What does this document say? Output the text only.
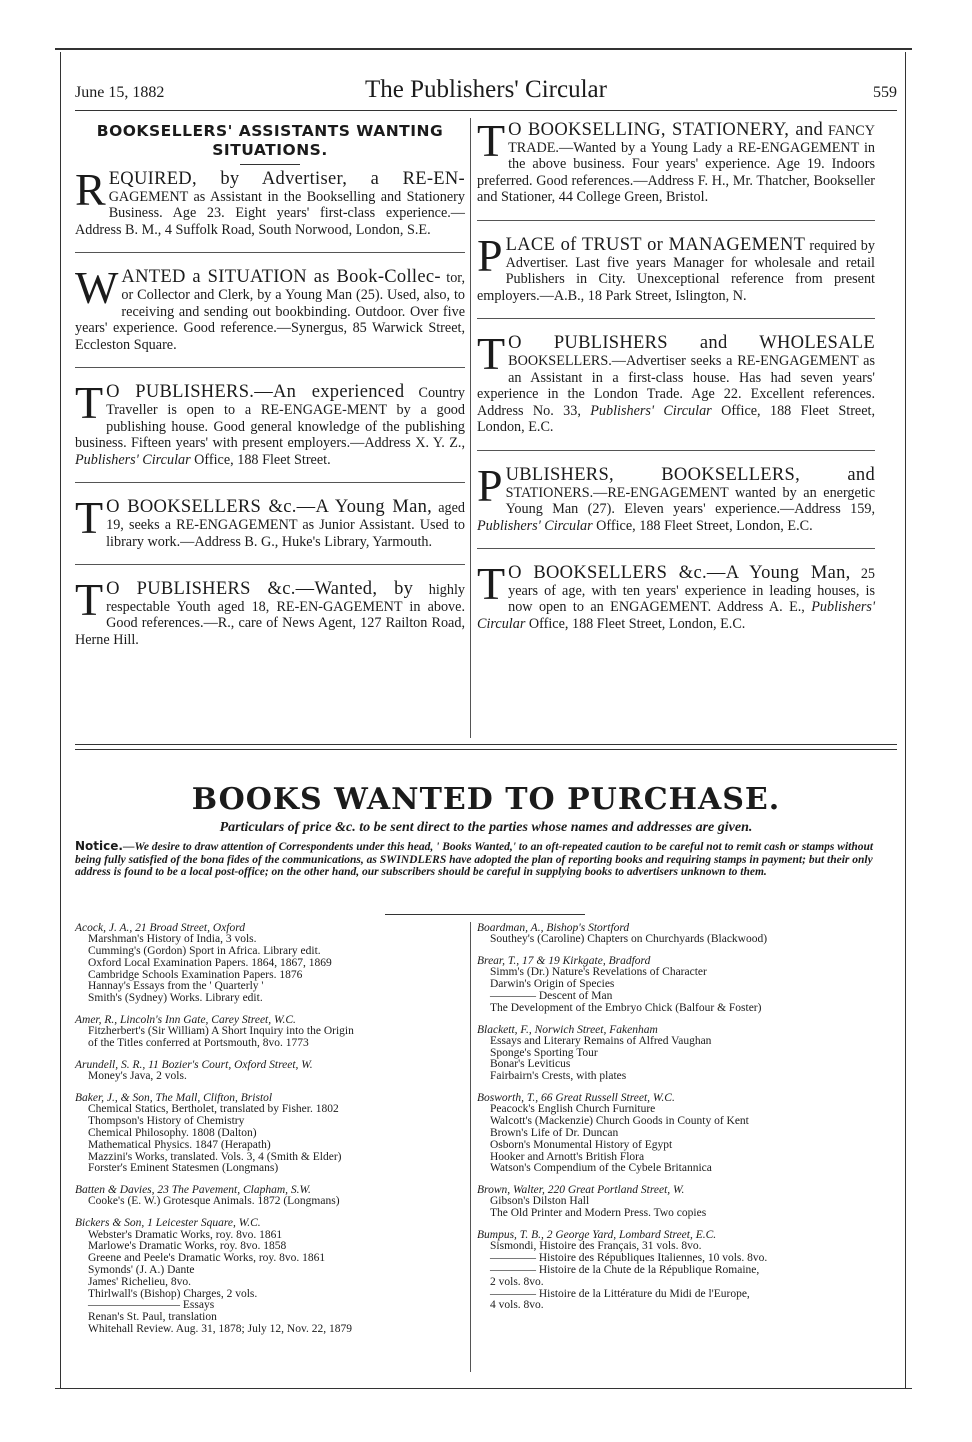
June 15, 1882	The Publishers' Circular	559
BOOKSELLERS' ASSISTANTS WANTING
SITUATIONS.

REQUIRED, by Advertiser, a RE-EN- GAGEMENT as Assistant in the Bookselling and Stationery Business. Age 23. Eight years' first-class experience.—Address B. M., 4 Suffolk Road, South Norwood, London, S.E.

WANTED a SITUATION as Book-Collec- tor, or Collector and Clerk, by a Young Man (25). Used, also, to receiving and sending out bookbinding. Outdoor. Over five years' experience. Good reference.—Synergus, 85 Warwick Street, Eccleston Square.

T O PUBLISHERS.—An experienced Country Traveller is open to a RE-ENGAGE-MENT by a good publishing house. Good general knowledge of the publishing business. Fifteen years' with present employers.—Address X. Y. Z., Publishers' Circular Office, 188 Fleet Street.

T O BOOKSELLERS &c.—A Young Man, aged 19, seeks a RE-ENGAGEMENT as Junior Assistant. Used to library work.—Address B. G., Huke's Library, Yarmouth.

T O PUBLISHERS &c.—Wanted, by highly respectable Youth aged 18, RE-EN-GAGEMENT in above. Good references.—R., care of News Agent, 127 Railton Road, Herne Hill.

T O BOOKSELLING, STATIONERY, and FANCY TRADE.—Wanted by a Young Lady a RE-ENGAGEMENT in the above business. Four years' experience. Age 19. Indoors preferred. Good references.—Address F. H., Mr. Thatcher, Bookseller and Stationer, 44 College Green, Bristol.

PLACE of TRUST or MANAGEMENT required by Advertiser. Last five years Manager for wholesale and retail Publishers in City. Unexceptional reference from present employers.—A.B., 18 Park Street, Islington, N.

T O PUBLISHERS and WHOLESALE BOOKSELLERS.—Advertiser seeks a RE-ENGAGEMENT as an Assistant in a first-class house. Has had seven years' experience in the London Trade. Age 22. Excellent references. Address No. 33, Publishers' Circular Office, 188 Fleet Street, London, E.C.

PUBLISHERS, BOOKSELLERS, and STATIONERS.—RE-ENGAGEMENT wanted by an energetic Young Man (27). Eleven years' experience.—Address 159, Publishers' Circular Office, 188 Fleet Street, London, E.C.

T O BOOKSELLERS &c.—A Young Man, 25 years of age, with ten years' experience in leading houses, is now open to an ENGAGEMENT. Address A. E., Publishers' Circular Office, 188 Fleet Street, London, E.C.

BOOKS WANTED TO PURCHASE.
Particulars of price &c. to be sent direct to the parties whose names and addresses are given.
Notice.—We desire to draw attention of Correspondents under this head, ' Books Wanted,' to an oft-repeated caution to be careful not to remit cash or stamps without being fully satisfied of the bona fides of the communications, as SWINDLERS have adopted the plan of reporting books and requiring stamps in payment; but their only address is found to be a local post-office; on the other hand, our subscribers should be careful in supplying books to advertisers unknown to them.
Acock, J. A., 21 Broad Street, Oxford
Marshman's History of India, 3 vols.
Cumming's (Gordon) Sport in Africa. Library edit.
Oxford Local Examination Papers. 1864, 1867, 1869
Cambridge Schools Examination Papers. 1876
Hannay's Essays from the ' Quarterly '
Smith's (Sydney) Works. Library edit.
Amer, R., Lincoln's Inn Gate, Carey Street, W.C.
Fitzherbert's (Sir William) A Short Inquiry into the Origin
of the Titles conferred at Portsmouth, 8vo. 1773
Arundell, S. R., 11 Bozier's Court, Oxford Street, W.
Money's Java, 2 vols.
Baker, J., & Son, The Mall, Clifton, Bristol
Chemical Statics, Bertholet, translated by Fisher. 1802
Thompson's History of Chemistry
Chemical Philosophy. 1808 (Dalton)
Mathematical Physics. 1847 (Herapath)
Mazzini's Works, translated. Vols. 3, 4 (Smith & Elder)
Forster's Eminent Statesmen (Longmans)
Batten & Davies, 23 The Pavement, Clapham, S.W.
Cooke's (E. W.) Grotesque Animals. 1872 (Longmans)
Bickers & Son, 1 Leicester Square, W.C.
Webster's Dramatic Works, roy. 8vo. 1861
Marlowe's Dramatic Works, roy. 8vo. 1858
Greene and Peele's Dramatic Works, roy. 8vo. 1861
Symonds' (J. A.) Dante
James' Richelieu, 8vo.
Thirlwall's (Bishop) Charges, 2 vols.
———————— Essays
Renan's St. Paul, translation
Whitehall Review. Aug. 31, 1878; July 12, Nov. 22, 1879
Boardman, A., Bishop's Stortford
Southey's (Caroline) Chapters on Churchyards (Blackwood)
Brear, T., 17 & 19 Kirkgate, Bradford
Simm's (Dr.) Nature's Revelations of Character
Darwin's Origin of Species
———— Descent of Man
The Development of the Embryo Chick (Balfour & Foster)
Blackett, F., Norwich Street, Fakenham
Essays and Literary Remains of Alfred Vaughan
Sponge's Sporting Tour
Bonar's Leviticus
Fairbairn's Crests, with plates
Bosworth, T., 66 Great Russell Street, W.C.
Peacock's English Church Furniture
Walcott's (Mackenzie) Church Goods in County of Kent
Brown's Life of Dr. Duncan
Osborn's Monumental History of Egypt
Hooker and Arnott's British Flora
Watson's Compendium of the Cybele Britannica
Brown, Walter, 220 Great Portland Street, W.
Gibson's Dilston Hall
The Old Printer and Modern Press. Two copies
Bumpus, T. B., 2 George Yard, Lombard Street, E.C.
Sismondi, Histoire des Français, 31 vols. 8vo.
———— Histoire des Républiques Italiennes, 10 vols. 8vo.
———— Histoire de la Chute de la République Romaine,
2 vols. 8vo.
———— Histoire de la Littérature du Midi de l'Europe,
4 vols. 8vo.
